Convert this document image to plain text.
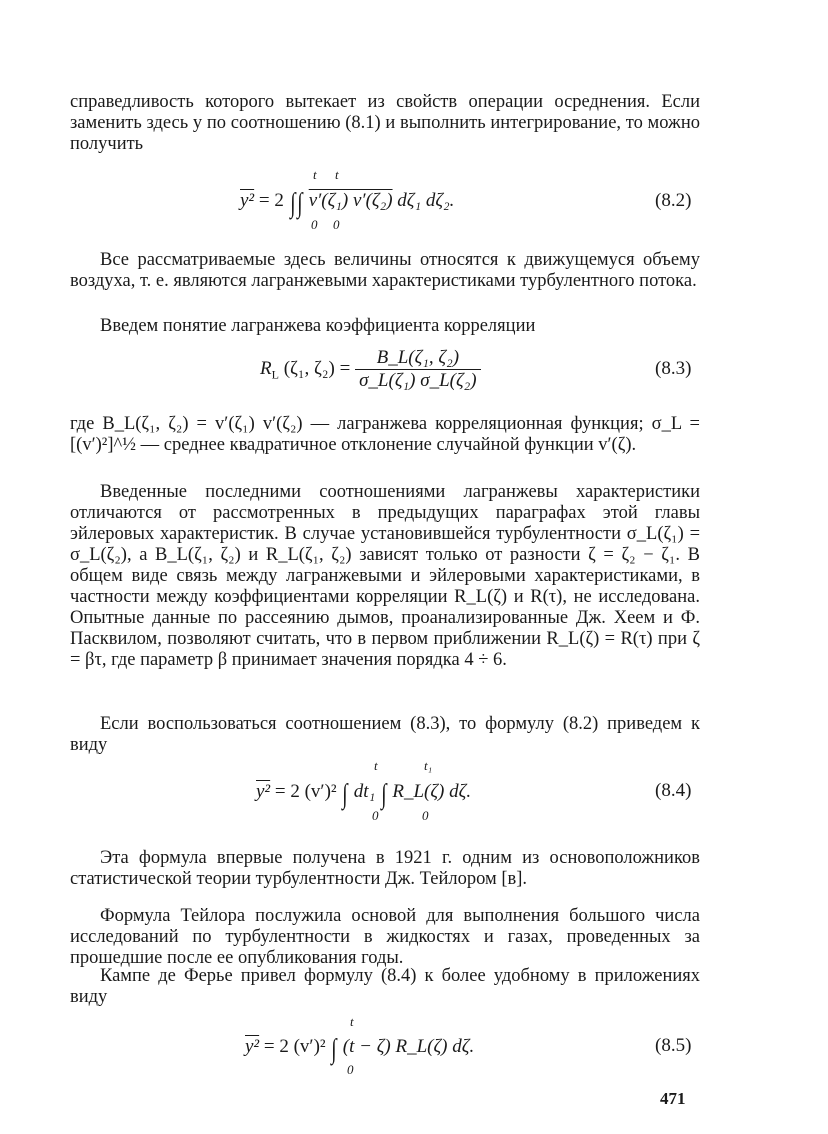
справедливость которого вытекает из свойств операции осреднения. Если заменить здесь y по соотношению (8.1) и выполнить интегрирование, то можно получить
t t
0 0
y² = 2 ∫∫ v′(ζ₁) v′(ζ₂) dζ₁ dζ₂.	(8.2)
Все рассматриваемые здесь величины относятся к движущемуся объему воздуха, т. е. являются лагранжевыми характеристиками турбулентного потока.
Введем понятие лагранжева коэффициента корреляции
$R_L$ (ζ₁, $\zeta_2) = \frac{\text{B\_L(ζ₁, ζ₂)}}{\text{σ\_L(ζ₁) σ\_L(ζ₂)}}$	(8.3)
где B_L(ζ₁, ζ₂) = v′(ζ₁) v′(ζ₂) — лагранжева корреляционная функция; σ_L = [(v′)²]^½ — среднее квадратичное отклонение случайной функции v′(ζ).
Введенные последними соотношениями лагранжевы характеристики отличаются от рассмотренных в предыдущих параграфах этой главы эйлеровых характеристик. В случае установившейся турбулентности σ_L(ζ₁) = σ_L(ζ₂), а B_L(ζ₁, ζ₂) и R_L(ζ₁, ζ₂) зависят только от разности ζ = ζ₂ − ζ₁. В общем виде связь между лагранжевыми и эйлеровыми характеристиками, в частности между коэффициентами корреляции R_L(ζ) и R(τ), не исследована. Опытные данные по рассеянию дымов, проанализированные Дж. Хеем и Ф. Пасквилом, позволяют считать, что в первом приближении R_L(ζ) = R(τ) при ζ = βτ, где параметр β принимает значения порядка 4 ÷ 6.
Если воспользоваться соотношением (8.3), то формулу (8.2) приведем к виду
t	t₁
0	0
y² = 2 (v′)² ∫ dt₁ ∫ R_L(ζ) dζ.	(8.4)
Эта формула впервые получена в 1921 г. одним из основоположников статистической теории турбулентности Дж. Тейлором [в].
Формула Тейлора послужила основой для выполнения большого числа исследований по турбулентности в жидкостях и газах, проведенных за прошедшие после ее опубликования годы.
Кампе де Ферье привел формулу (8.4) к более удобному в приложениях виду
t
0
y² = 2 (v′)² ∫ (t − ζ) R_L(ζ) dζ.	(8.5)
471
